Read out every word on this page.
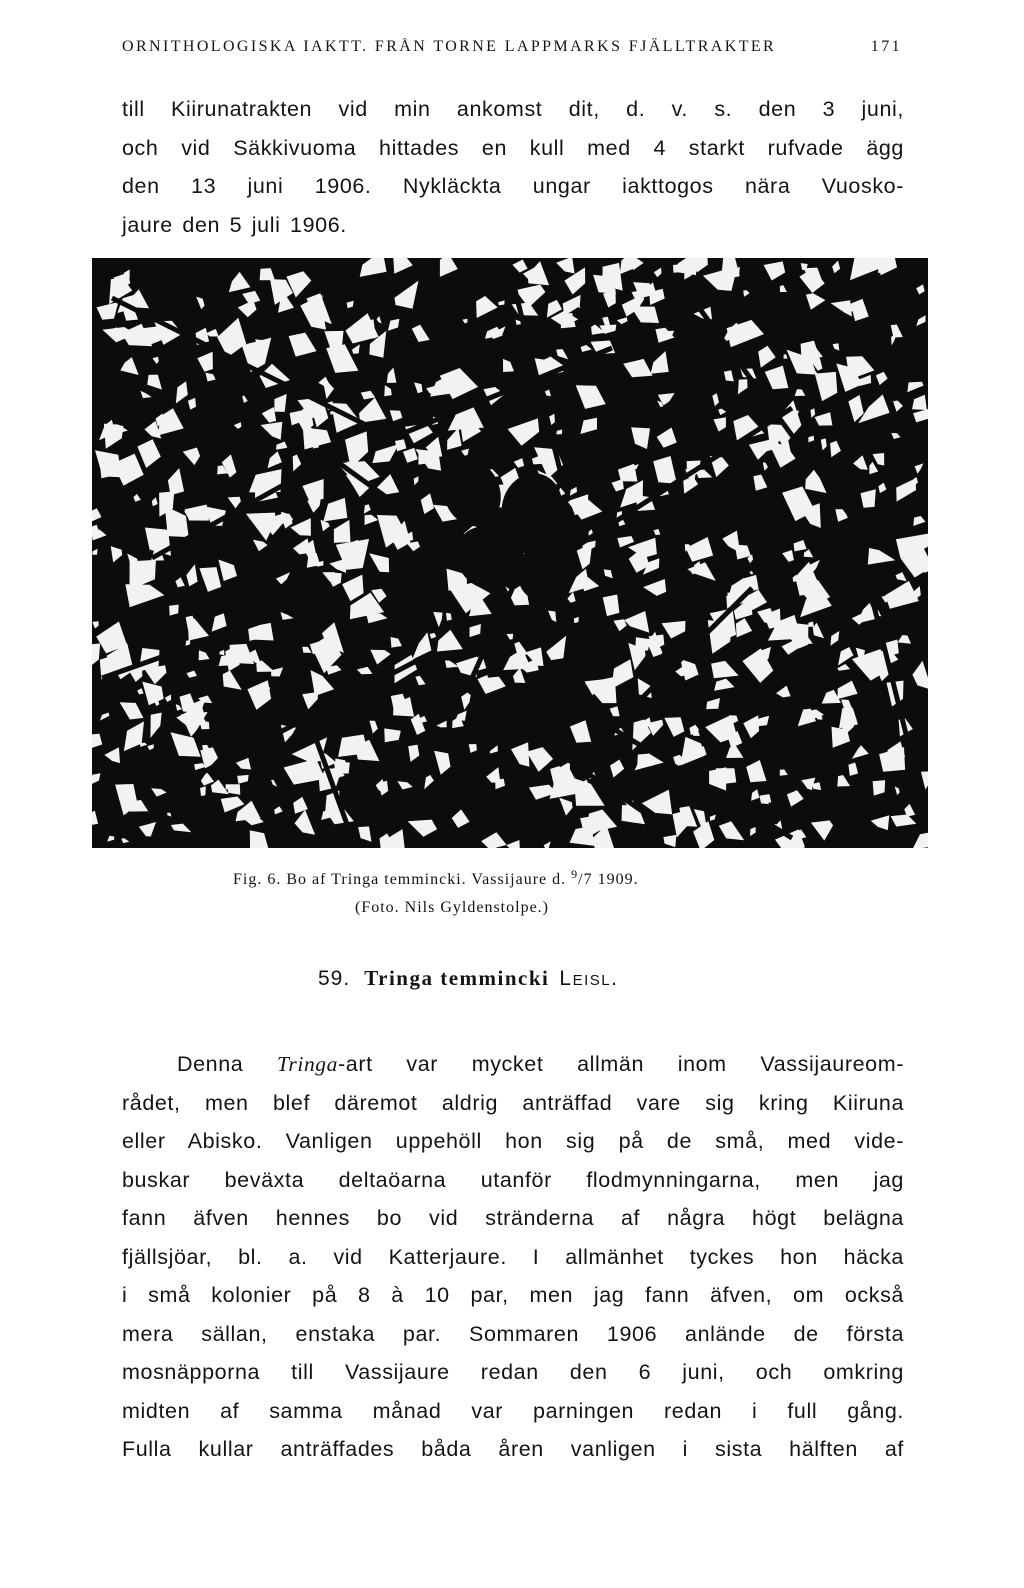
ORNITHOLOGISKA IAKTT. FRÅN TORNE LAPPMARKS FJÄLLTRAKTER	171
till Kiirunatrakten vid min ankomst dit, d. v. s. den 3 juni,
och vid Säkkivuoma hittades en kull med 4 starkt rufvade ägg
den 13 juni 1906. Nykläckta ungar iakttogos nära Vuosko-
jaure den 5 juli 1906.
Fig. 6. Bo af Tringa temmincki. Vassijaure d. $^9$/7 1909.
(Foto. Nils Gyldenstolpe.)
59. Tringa temmincki Leisl.
Denna Tringa-art var mycket allmän inom Vassijaureom-
rådet, men blef däremot aldrig anträffad vare sig kring Kiiruna
eller Abisko. Vanligen uppehöll hon sig på de små, med vide-
buskar beväxta deltaöarna utanför flodmynningarna, men jag
fann äfven hennes bo vid stränderna af några högt belägna
fjällsjöar, bl. a. vid Katterjaure. I allmänhet tyckes hon häcka
i små kolonier på 8 à 10 par, men jag fann äfven, om också
mera sällan, enstaka par. Sommaren 1906 anlände de första
mosnäpporna till Vassijaure redan den 6 juni, och omkring
midten af samma månad var parningen redan i full gång.
Fulla kullar anträffades båda åren vanligen i sista hälften af
